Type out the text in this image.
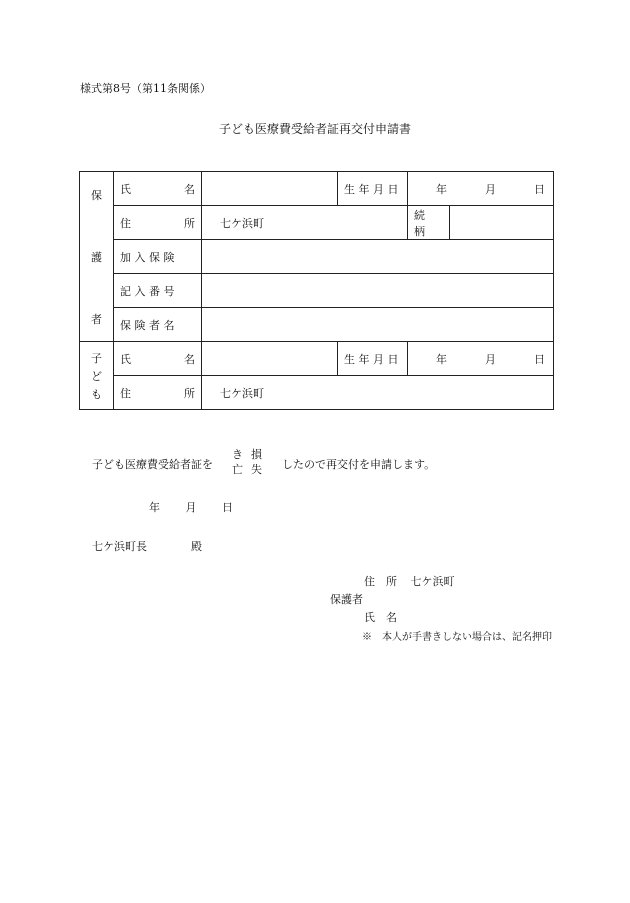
様式第8号（第11条関係）
子ども医療費受給者証再交付申請書
保
護
者	氏　名		生 年 月 日	年 月 日	

	住　所	七ケ浜町		続　柄	
	加 入 保 険				
	記 入 番 号				
	保 険 者 名				

子
ど
も	氏　名		生 年 月 日	年 月 日	

	住　所	七ケ浜町			
子ども医療費受給者証を
き損
亡失 したので再交付を申請します。
年 月 日
七ケ浜町長	殿
住　所 七ケ浜町
保護者
氏　名
※　本人が手書きしない場合は、記名押印
